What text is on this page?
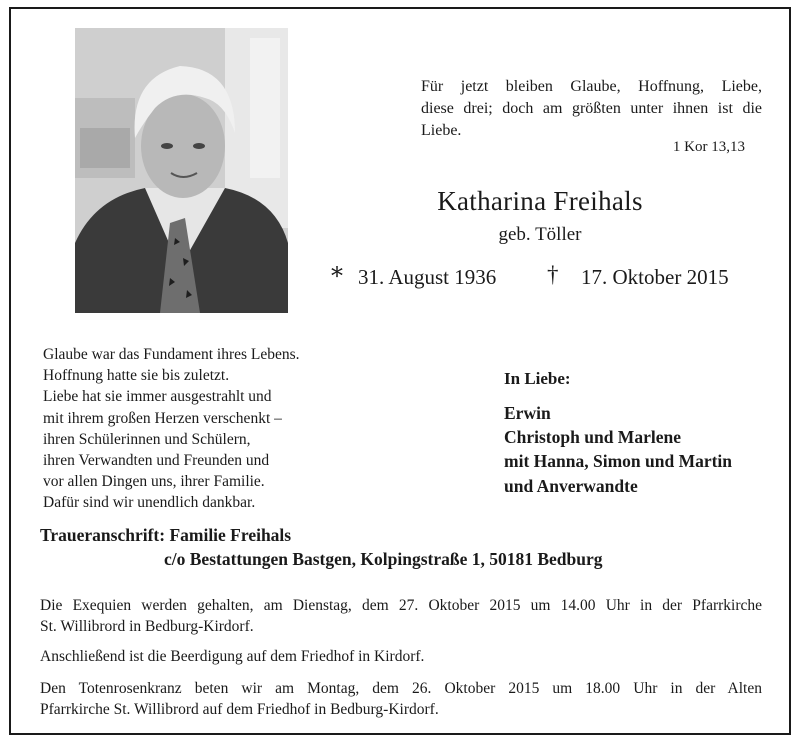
Für jetzt bleiben Glaube, Hoffnung, Liebe,
diese drei; doch am größten unter ihnen ist die
Liebe.
1 Kor 13,13
Katharina Freihals
geb. Töller
* 31. August 1936 † 17. Oktober 2015
Glaube war das Fundament ihres Lebens.
Hoffnung hatte sie bis zuletzt.
Liebe hat sie immer ausgestrahlt und
mit ihrem großen Herzen verschenkt –
ihren Schülerinnen und Schülern,
ihren Verwandten und Freunden und
vor allen Dingen uns, ihrer Familie.
Dafür sind wir unendlich dankbar.
In Liebe:
Erwin
Christoph und Marlene
mit Hanna, Simon und Martin
und Anverwandte
Traueranschrift: Familie Freihals
c/o Bestattungen Bastgen, Kolpingstraße 1, 50181 Bedburg
Die Exequien werden gehalten, am Dienstag, dem 27. Oktober 2015 um 14.00 Uhr in der Pfarrkirche
St. Willibrord in Bedburg-Kirdorf.
Anschließend ist die Beerdigung auf dem Friedhof in Kirdorf.
Den Totenrosenkranz beten wir am Montag, dem 26. Oktober 2015 um 18.00 Uhr in der Alten
Pfarrkirche St. Willibrord auf dem Friedhof in Bedburg-Kirdorf.
